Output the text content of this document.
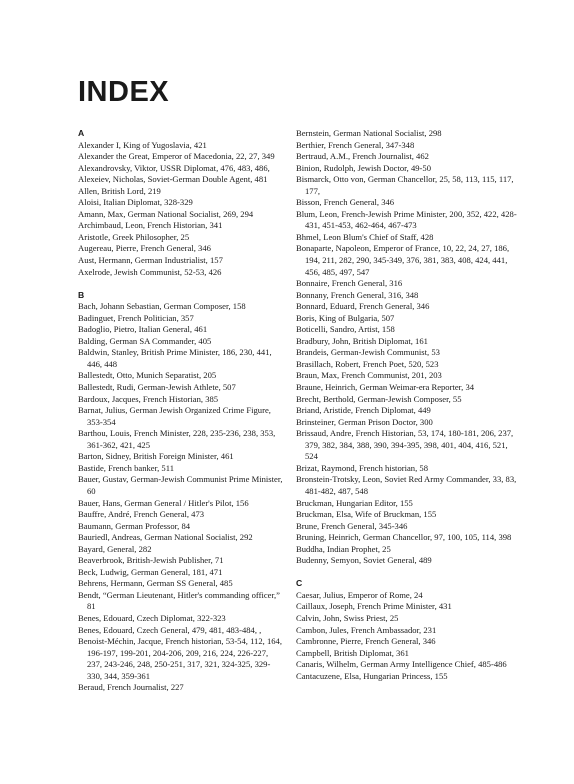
INDEX
A
Alexander I, King of Yugoslavia, 421
Alexander the Great, Emperor of Macedonia, 22, 27, 349
Alexandrovsky, Viktor, USSR Diplomat, 476, 483, 486,
Alexeiev, Nicholas, Soviet-German Double Agent, 481
Allen, British Lord, 219
Aloisi, Italian Diplomat, 328-329
Amann, Max, German National Socialist, 269, 294
Archimbaud, Leon, French Historian, 341
Aristotle, Greek Philosopher, 25
Augereau, Pierre, French General, 346
Aust, Hermann, German Industrialist, 157
Axelrode, Jewish Communist, 52-53, 426
B
Bach, Johann Sebastian, German Composer, 158
Badinguet, French Politician, 357
Badoglio, Pietro, Italian General, 461
Balding, German SA Commander, 405
Baldwin, Stanley, British Prime Minister, 186, 230, 441, 446, 448
Ballestedt, Otto, Munich Separatist, 205
Ballestedt, Rudi, German-Jewish Athlete, 507
Bardoux, Jacques, French Historian, 385
Barnat, Julius, German Jewish Organized Crime Figure, 353-354
Barthou, Louis, French Minister, 228, 235-236, 238, 353, 361-362, 421, 425
Barton, Sidney, British Foreign Minister, 461
Bastide, French banker, 511
Bauer, Gustav, German-Jewish Communist Prime Minister, 60
Bauer, Hans, German General / Hitler's Pilot, 156
Bauffre, André, French General, 473
Baumann, German Professor, 84
Bauriedl, Andreas, German National Socialist, 292
Bayard, General, 282
Beaverbrook, British-Jewish Publisher, 71
Beck, Ludwig, German General, 181, 471
Behrens, Hermann, German SS General, 485
Bendt, “German Lieutenant, Hitler's commanding officer,” 81
Benes, Edouard, Czech Diplomat, 322-323
Benes, Edouard, Czech General, 479, 481, 483-484, ,
Benoist-Méchin, Jacque, French historian, 53-54, 112, 164, 196-197, 199-201, 204-206, 209, 216, 224, 226-227, 237, 243-246, 248, 250-251, 317, 321, 324-325, 329-330, 344, 359-361
Beraud, French Journalist, 227
Bernstein, German National Socialist, 298
Berthier, French General, 347-348
Bertraud, A.M., French Journalist, 462
Binion, Rudolph, Jewish Doctor, 49-50
Bismarck, Otto von, German Chancellor, 25, 58, 113, 115, 117, 177,
Bisson, French General, 346
Blum, Leon, French-Jewish Prime Minister, 200, 352, 422, 428-431, 451-453, 462-464, 467-473
Bhmel, Leon Blum's Chief of Staff, 428
Bonaparte, Napoleon, Emperor of France, 10, 22, 24, 27, 186, 194, 211, 282, 290, 345-349, 376, 381, 383, 408, 424, 441, 456, 485, 497, 547
Bonnaire, French General, 316
Bonnany, French General, 316, 348
Bonnard, Eduard, French General, 346
Boris, King of Bulgaria, 507
Boticelli, Sandro, Artist, 158
Bradbury, John, British Diplomat, 161
Brandeis, German-Jewish Communist, 53
Brasillach, Robert, French Poet, 520, 523
Braun, Max, French Communist, 201, 203
Braune, Heinrich, German Weimar-era Reporter, 34
Brecht, Berthold, German-Jewish Composer, 55
Briand, Aristide, French Diplomat, 449
Brinsteiner, German Prison Doctor, 300
Brissaud, Andre, French Historian, 53, 174, 180-181, 206, 237, 379, 382, 384, 388, 390, 394-395, 398, 401, 404, 416, 521, 524
Brizat, Raymond, French historian, 58
Bronstein-Trotsky, Leon, Soviet Red Army Commander, 33, 83, 481-482, 487, 548
Bruckman, Hungarian Editor, 155
Bruckman, Elsa, Wife of Bruckman, 155
Brune, French General, 345-346
Bruning, Heinrich, German Chancellor, 97, 100, 105, 114, 398
Buddha, Indian Prophet, 25
Budenny, Semyon, Soviet General, 489
C
Caesar, Julius, Emperor of Rome, 24
Caillaux, Joseph, French Prime Minister, 431
Calvin, John, Swiss Priest, 25
Cambon, Jules, French Ambassador, 231
Cambronne, Pierre, French General, 346
Campbell, British Diplomat, 361
Canaris, Wilhelm, German Army Intelligence Chief, 485-486
Cantacuzene, Elsa, Hungarian Princess, 155
